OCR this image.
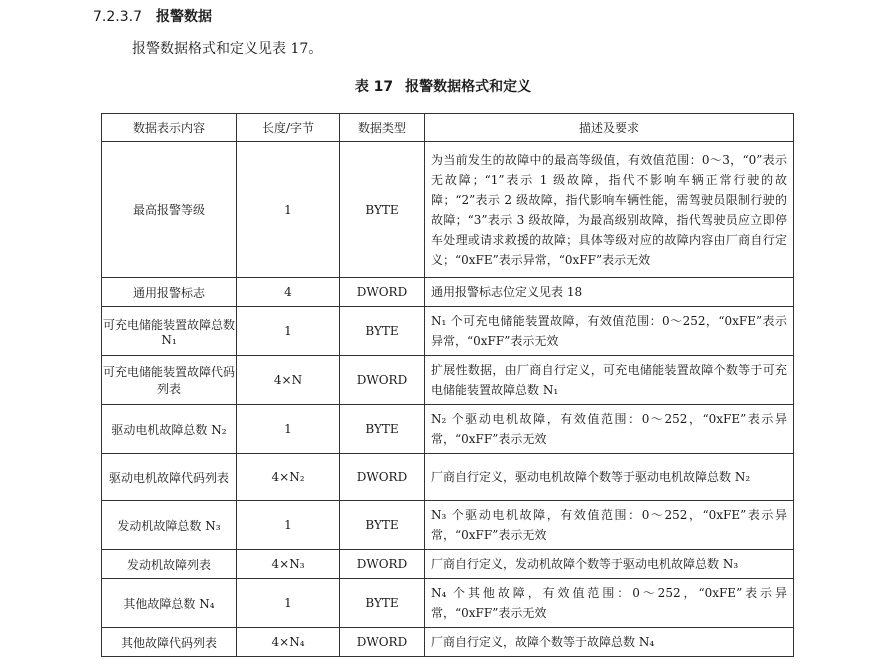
7.2.3.7 报警数据
报警数据格式和定义见表 17。
表 17 报警数据格式和定义
数据表示内容	长度/字节	数据类型	描述及要求
最高报警等级	1	BYTE	为当前发生的故障中的最高等级值，有效值范围：0～3，“0”表示无故障；“1”表示 1 级故障，指代不影响车辆正常行驶的故障；“2”表示 2 级故障，指代影响车辆性能，需驾驶员限制行驶的故障；“3”表示 3 级故障，为最高级别故障，指代驾驶员应立即停车处理或请求救援的故障；具体等级对应的故障内容由厂商自行定义；“0xFE”表示异常，“0xFF”表示无效
通用报警标志	4	DWORD	通用报警标志位定义见表 18
可充电储能装置故障总数 N₁	1	BYTE	N₁ 个可充电储能装置故障，有效值范围：0～252，“0xFE”表示异常，“0xFF”表示无效
可充电储能装置故障代码列表	4×N	DWORD	扩展性数据，由厂商自行定义，可充电储能装置故障个数等于可充电储能装置故障总数 N₁
驱动电机故障总数 N₂	1	BYTE	N₂ 个驱动电机故障，有效值范围：0～252，“0xFE”表示异常，“0xFF”表示无效
驱动电机故障代码列表	4×N₂	DWORD	厂商自行定义，驱动电机故障个数等于驱动电机故障总数 N₂
发动机故障总数 N₃	1	BYTE	N₃ 个驱动电机故障，有效值范围：0～252，“0xFE”表示异常，“0xFF”表示无效
发动机故障列表	4×N₃	DWORD	厂商自行定义，发动机故障个数等于驱动电机故障总数 N₃
其他故障总数 N₄	1	BYTE	N₄ 个其他故障，有效值范围：0～252，“0xFE”表示异常，“0xFF”表示无效
其他故障代码列表	4×N₄	DWORD	厂商自行定义，故障个数等于故障总数 N₄
